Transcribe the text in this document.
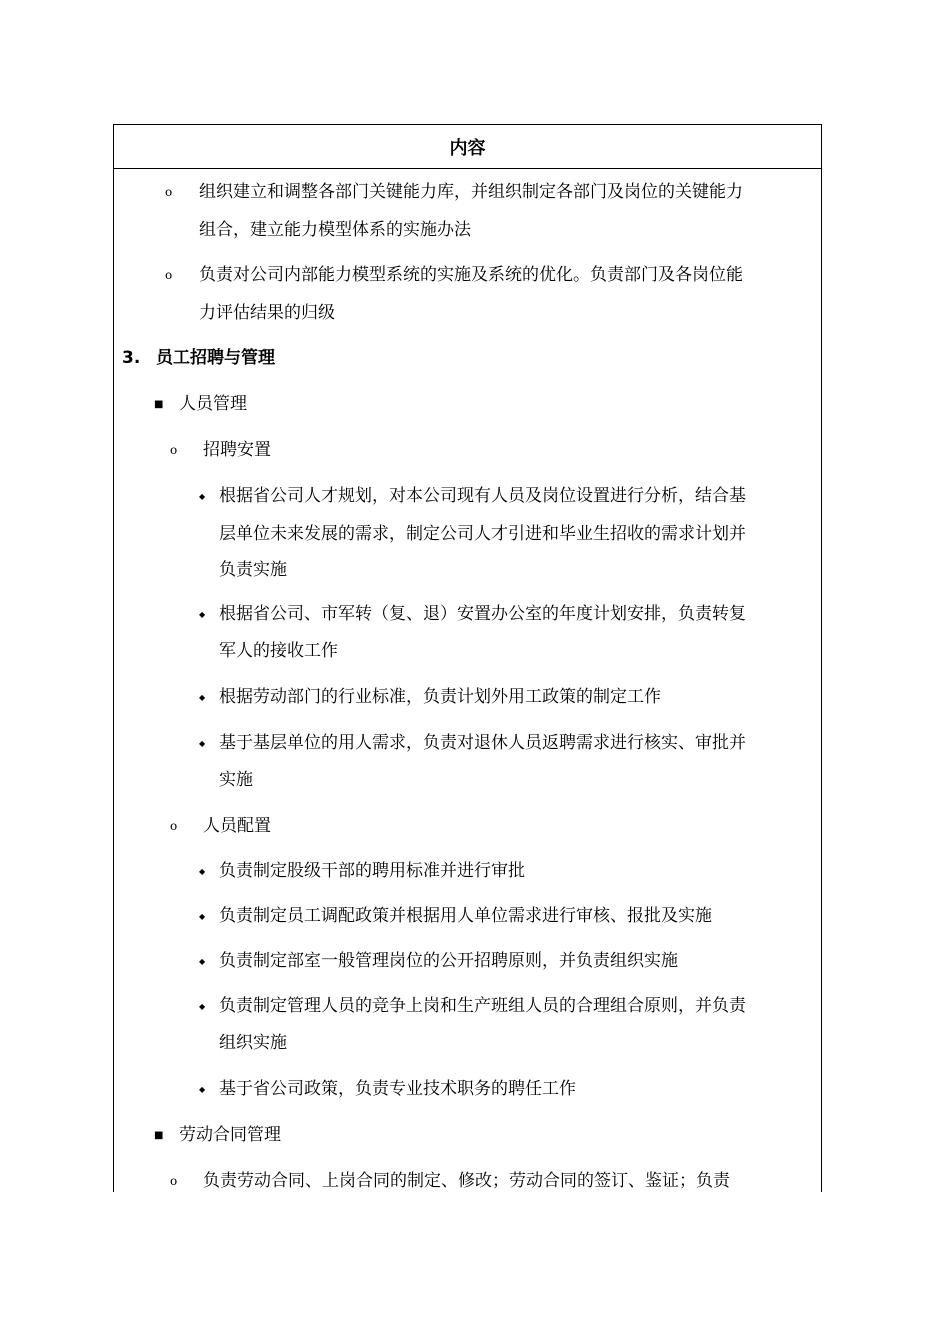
内容
o 组织建立和调整各部门关键能力库，并组织制定各部门及岗位的关键能力
组合，建立能力模型体系的实施办法
o 负责对公司内部能力模型系统的实施及系统的优化。负责部门及各岗位能
力评估结果的归级
3. 员工招聘与管理
■ 人员管理
o 招聘安置
◆ 根据省公司人才规划，对本公司现有人员及岗位设置进行分析，结合基
层单位未来发展的需求，制定公司人才引进和毕业生招收的需求计划并
负责实施
◆ 根据省公司、市军转（复、退）安置办公室的年度计划安排，负责转复
军人的接收工作
◆ 根据劳动部门的行业标准，负责计划外用工政策的制定工作
◆ 基于基层单位的用人需求，负责对退休人员返聘需求进行核实、审批并
实施
o 人员配置
◆ 负责制定股级干部的聘用标准并进行审批
◆ 负责制定员工调配政策并根据用人单位需求进行审核、报批及实施
◆ 负责制定部室一般管理岗位的公开招聘原则，并负责组织实施
◆ 负责制定管理人员的竞争上岗和生产班组人员的合理组合原则，并负责
组织实施
◆ 基于省公司政策，负责专业技术职务的聘任工作
■ 劳动合同管理
o 负责劳动合同、上岗合同的制定、修改；劳动合同的签订、鉴证；负责
